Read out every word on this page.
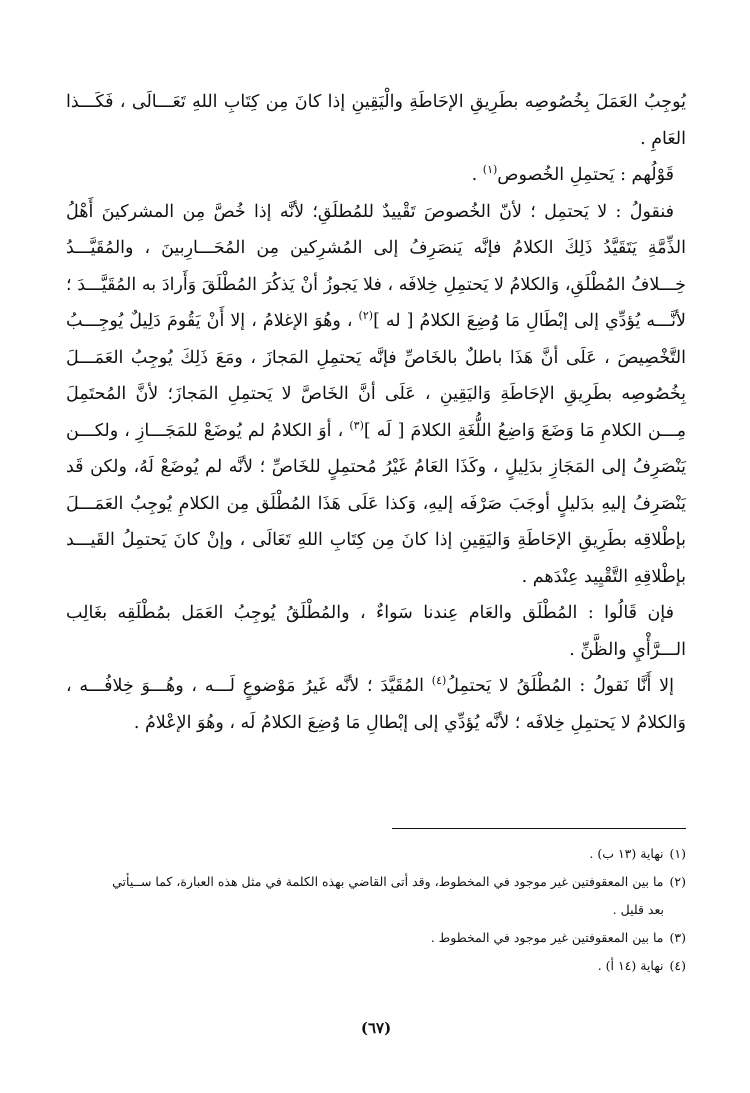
يُوجِبُ العَمَلَ بِخُصُوصِه بطَرِيقِ الإحَاطَةِ والْيَقِينِ إذا كانَ مِن كِتَابِ اللهِ تَعَـــالَى ، فَكَـــذا العَامِ .

قَوْلُهم : يَحتمِلِ الخُصوص$^{(١)}$ .

فنقولُ : لا يَحتمِل ؛ لأنّ الخُصوصَ تَقْييدٌ للمُطلَقِ؛ لأنَّه إذا خُصَّ مِن المشركينَ أَهْلُ الذِّمَّةِ يَتَقَيَّدُ ذَلِكَ الكلامُ فإنَّه يَنصَرِفُ إلى المُشرِكين مِن المُحَـــارِبينَ ، والمُقَيَّـــدُ خِـــلافُ المُطْلَقِ، وَالكلامُ لا يَحتمِلِ خِلافَه ، فلا يَجوزُ أنْ يَذكُرَ المُطْلَقَ وَأَرادَ به المُقَيَّـــدَ ؛ لأنَّـــه يُؤدِّي إلى إبْطَالِ مَا وُضِعَ الكلامُ [ له ]$^{(٢)}$ ، وهُوَ الإغلامُ ، إلا أَنْ يَقُومَ دَلِيلٌ يُوجِـــبُ التَّخْصِيصَ ، عَلَى أنَّ هَذَا باطلٌ بالخَاصِّ فإنَّه يَحتمِلِ المَجازَ ، ومَعَ ذَلِكَ يُوجِبُ العَمَـــلَ بِخُصُوصِه بطَرِيقِ الإحَاطَةِ وَاليَقِينِ ، عَلَى أنَّ الخَاصَّ لا يَحتمِلِ المَجازَ؛ لأنَّ المُحتَمِلَ مِـــن الكلامِ مَا وَضَعَ وَاضِعُ اللُّغَةِ الكلامَ [ لَه ]$^{(٣)}$ ، أوَ الكلامُ لم يُوضَعْ للمَجَـــازِ ، ولكـــن يَنْصَرِفُ إلى المَجَازِ بدَلِيلٍ ، وكَذَا العَامُ غَيْرُ مُحتمِلٍ للخَاصِّ ؛ لأنَّه لم يُوضَعْ لَهُ، ولكن قَد يَنْصَرِفُ إليهِ بدَليلٍ أوجَبَ صَرْفَه إليهِ، وَكذا عَلَى هَذَا المُطْلَق مِن الكلامِ يُوجِبُ العَمَـــلَ بإطْلاقِه بطَرِيقِ الإحَاطَةِ وَاليَقِينِ إذا كانَ مِن كِتَابِ اللهِ تَعَالَى ، وإنْ كانَ يَحتمِلُ القَيـــد بإطْلاقِهِ التَّقْيِيد عِنْدَهم .

فإن قَالُوا : المُطْلَق والعَام عِندنا سَواءٌ ، والمُطْلَقُ يُوجِبُ العَمَل بمُطْلَقِه بغَالِب الـــرَّأْيِ والظَّنِّ .

إلا أَنَّا نَقولُ : المُطْلَقُ لا يَحتمِلُ$^{(٤)}$ المُقَيَّدَ ؛ لأنَّه غَيرُ مَوْضوعٍ لَـــه ، وهُـــوَ خِلافُـــه ، وَالكلامُ لا يَحتمِلِ خِلافَه ؛ لأنَّه يُؤدِّي إلى إبْطالِ مَا وُضِعَ الكلامُ لَه ، وهُوَ الإعْلامُ .

(١)نهاية (١٣ ب) .

(٢)ما بين المعقوفتين غير موجود في المخطوط، وقد أتى القاضي بهذه الكلمة في مثل هذه العبارة، كما ســيأتي

بعد قليل .

(٣)ما بين المعقوفتين غير موجود في المخطوط .

(٤)نهاية (١٤ أ) .

(٦٧)
